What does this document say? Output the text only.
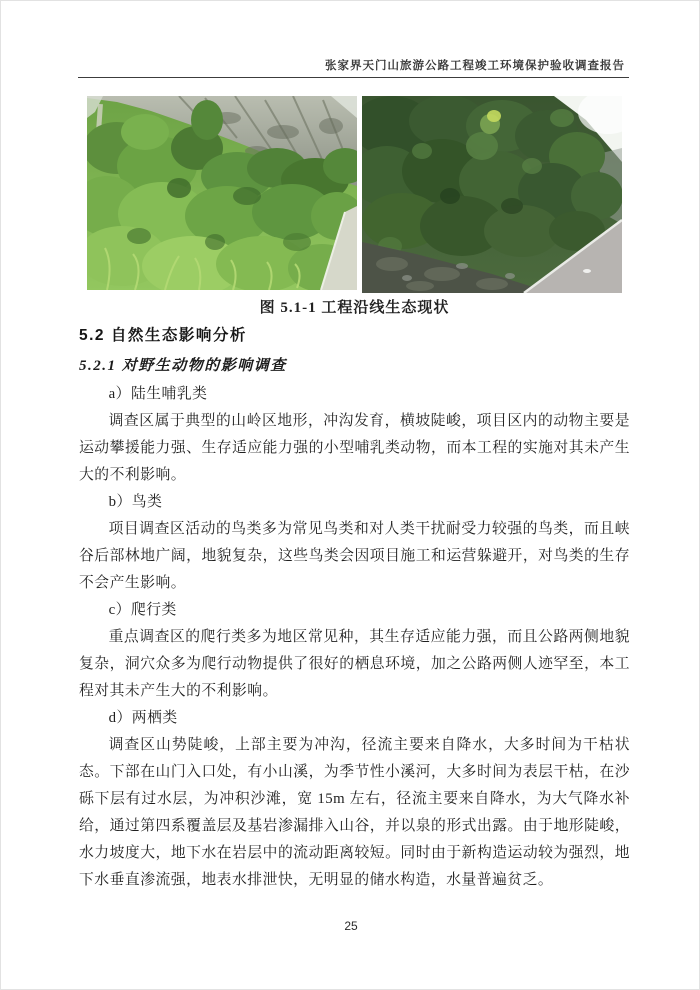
张家界天门山旅游公路工程竣工环境保护验收调查报告
图 5.1-1 工程沿线生态现状
5.2 自然生态影响分析
5.2.1 对野生动物的影响调查
a）陆生哺乳类

调查区属于典型的山岭区地形，冲沟发育，横坡陡峻，项目区内的动物主要是运动攀援能力强、生存适应能力强的小型哺乳类动物，而本工程的实施对其未产生大的不利影响。

b）鸟类

项目调查区活动的鸟类多为常见鸟类和对人类干扰耐受力较强的鸟类，而且峡谷后部林地广阔，地貌复杂，这些鸟类会因项目施工和运营躲避开，对鸟类的生存不会产生影响。

c）爬行类

重点调查区的爬行类多为地区常见种，其生存适应能力强，而且公路两侧地貌复杂，洞穴众多为爬行动物提供了很好的栖息环境，加之公路两侧人迹罕至，本工程对其未产生大的不利影响。

d）两栖类

调查区山势陡峻，上部主要为冲沟，径流主要来自降水，大多时间为干枯状态。下部在山门入口处，有小山溪，为季节性小溪河，大多时间为表层干枯，在沙砾下层有过水层，为冲积沙滩，宽 15m 左右，径流主要来自降水，为大气降水补给，通过第四系覆盖层及基岩渗漏排入山谷，并以泉的形式出露。由于地形陡峻，水力坡度大，地下水在岩层中的流动距离较短。同时由于新构造运动较为强烈，地下水垂直渗流强，地表水排泄快，无明显的储水构造，水量普遍贫乏。

25
